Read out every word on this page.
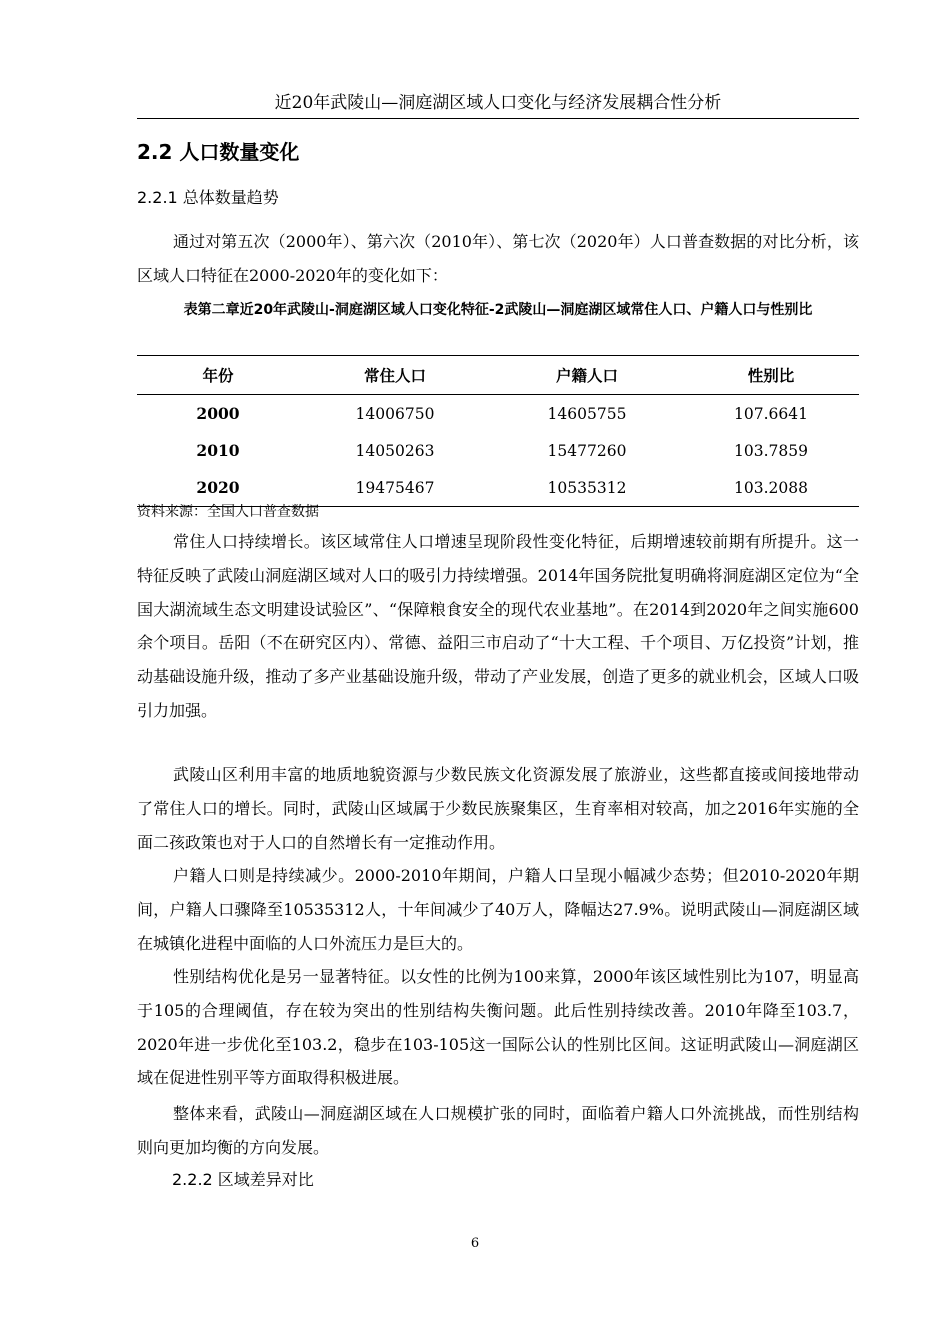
近20年武陵山—洞庭湖区域人口变化与经济发展耦合性分析
2.2 人口数量变化
2.2.1 总体数量趋势

通过对第五次（2000年）、第六次（2010年）、第七次（2020年）人口普查数据的对比分析，该区域人口特征在2000-2020年的变化如下：

表第二章近20年武陵山-洞庭湖区域人口变化特征-2武陵山—洞庭湖区域常住人口、户籍人口与性别比
年份	常住人口	户籍人口	性别比
2000	14006750	14605755	107.6641
2010	14050263	15477260	103.7859
2020	19475467	10535312	103.2088
资料来源：全国人口普查数据

常住人口持续增长。该区域常住人口增速呈现阶段性变化特征，后期增速较前期有所提升。这一特征反映了武陵山洞庭湖区域对人口的吸引力持续增强。2014年国务院批复明确将洞庭湖区定位为“全国大湖流域生态文明建设试验区”、“保障粮食安全的现代农业基地”。在2014到2020年之间实施600余个项目。岳阳（不在研究区内）、常德、益阳三市启动了“十大工程、千个项目、万亿投资”计划，推动基础设施升级，推动了多产业基础设施升级，带动了产业发展，创造了更多的就业机会，区域人口吸引力加强。

武陵山区利用丰富的地质地貌资源与少数民族文化资源发展了旅游业，这些都直接或间接地带动了常住人口的增长。同时，武陵山区域属于少数民族聚集区，生育率相对较高，加之2016年实施的全面二孩政策也对于人口的自然增长有一定推动作用。

户籍人口则是持续减少。2000-2010年期间，户籍人口呈现小幅减少态势；但2010-2020年期间，户籍人口骤降至10535312人，十年间减少了40万人，降幅达27.9%。说明武陵山—洞庭湖区域在城镇化进程中面临的人口外流压力是巨大的。

性别结构优化是另一显著特征。以女性的比例为100来算，2000年该区域性别比为107，明显高于105的合理阈值，存在较为突出的性别结构失衡问题。此后性别持续改善。2010年降至103.7，2020年进一步优化至103.2，稳步在103-105这一国际公认的性别比区间。这证明武陵山—洞庭湖区域在促进性别平等方面取得积极进展。

整体来看，武陵山—洞庭湖区域在人口规模扩张的同时，面临着户籍人口外流挑战，而性别结构则向更加均衡的方向发展。

2.2.2 区域差异对比
6
